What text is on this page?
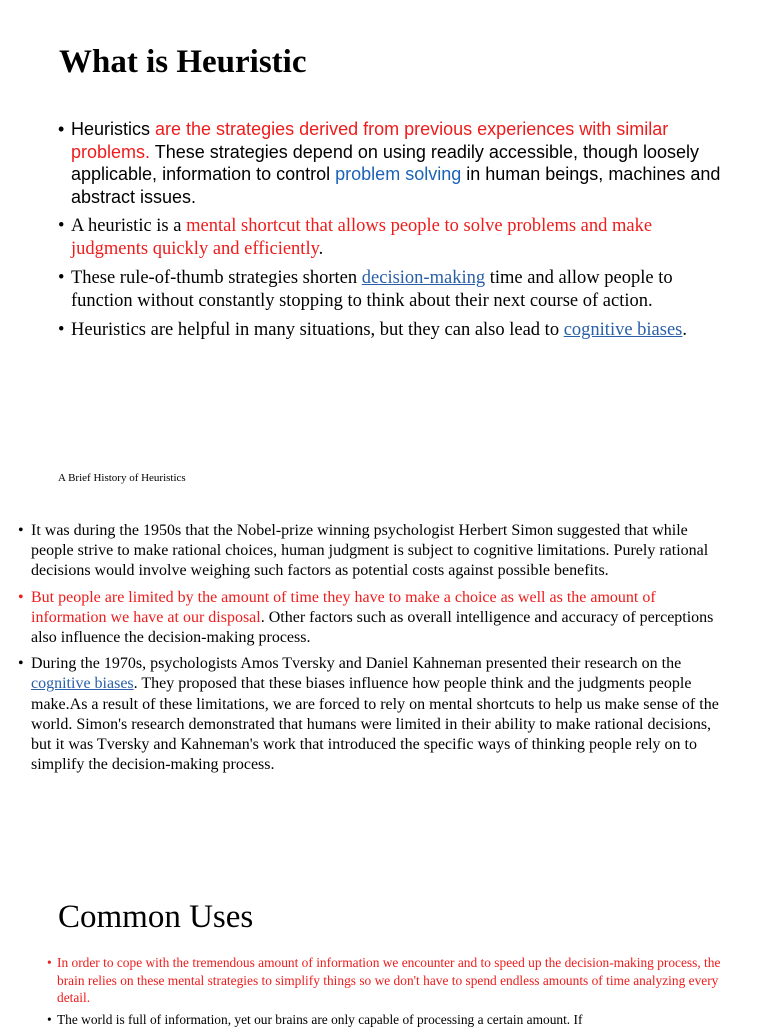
What is Heuristic
• Heuristics are the strategies derived from previous experiences with similar problems. These strategies depend on using readily accessible, though loosely applicable, information to control problem solving in human beings, machines and abstract issues.
• A heuristic is a mental shortcut that allows people to solve problems and make judgments quickly and efficiently.
• These rule-of-thumb strategies shorten decision-making time and allow people to function without constantly stopping to think about their next course of action.
• Heuristics are helpful in many situations, but they can also lead to cognitive biases.
A Brief History of Heuristics
• It was during the 1950s that the Nobel-prize winning psychologist Herbert Simon suggested that while people strive to make rational choices, human judgment is subject to cognitive limitations. Purely rational decisions would involve weighing such factors as potential costs against possible benefits.
• But people are limited by the amount of time they have to make a choice as well as the amount of information we have at our disposal. Other factors such as overall intelligence and accuracy of perceptions also influence the decision-making process.
• During the 1970s, psychologists Amos Tversky and Daniel Kahneman presented their research on the cognitive biases. They proposed that these biases influence how people think and the judgments people make.As a result of these limitations, we are forced to rely on mental shortcuts to help us make sense of the world. Simon's research demonstrated that humans were limited in their ability to make rational decisions, but it was Tversky and Kahneman's work that introduced the specific ways of thinking people rely on to simplify the decision-making process.
Common Uses
• In order to cope with the tremendous amount of information we encounter and to speed up the decision-making process, the brain relies on these mental strategies to simplify things so we don't have to spend endless amounts of time analyzing every detail.
• The world is full of information, yet our brains are only capable of processing a certain amount. If
